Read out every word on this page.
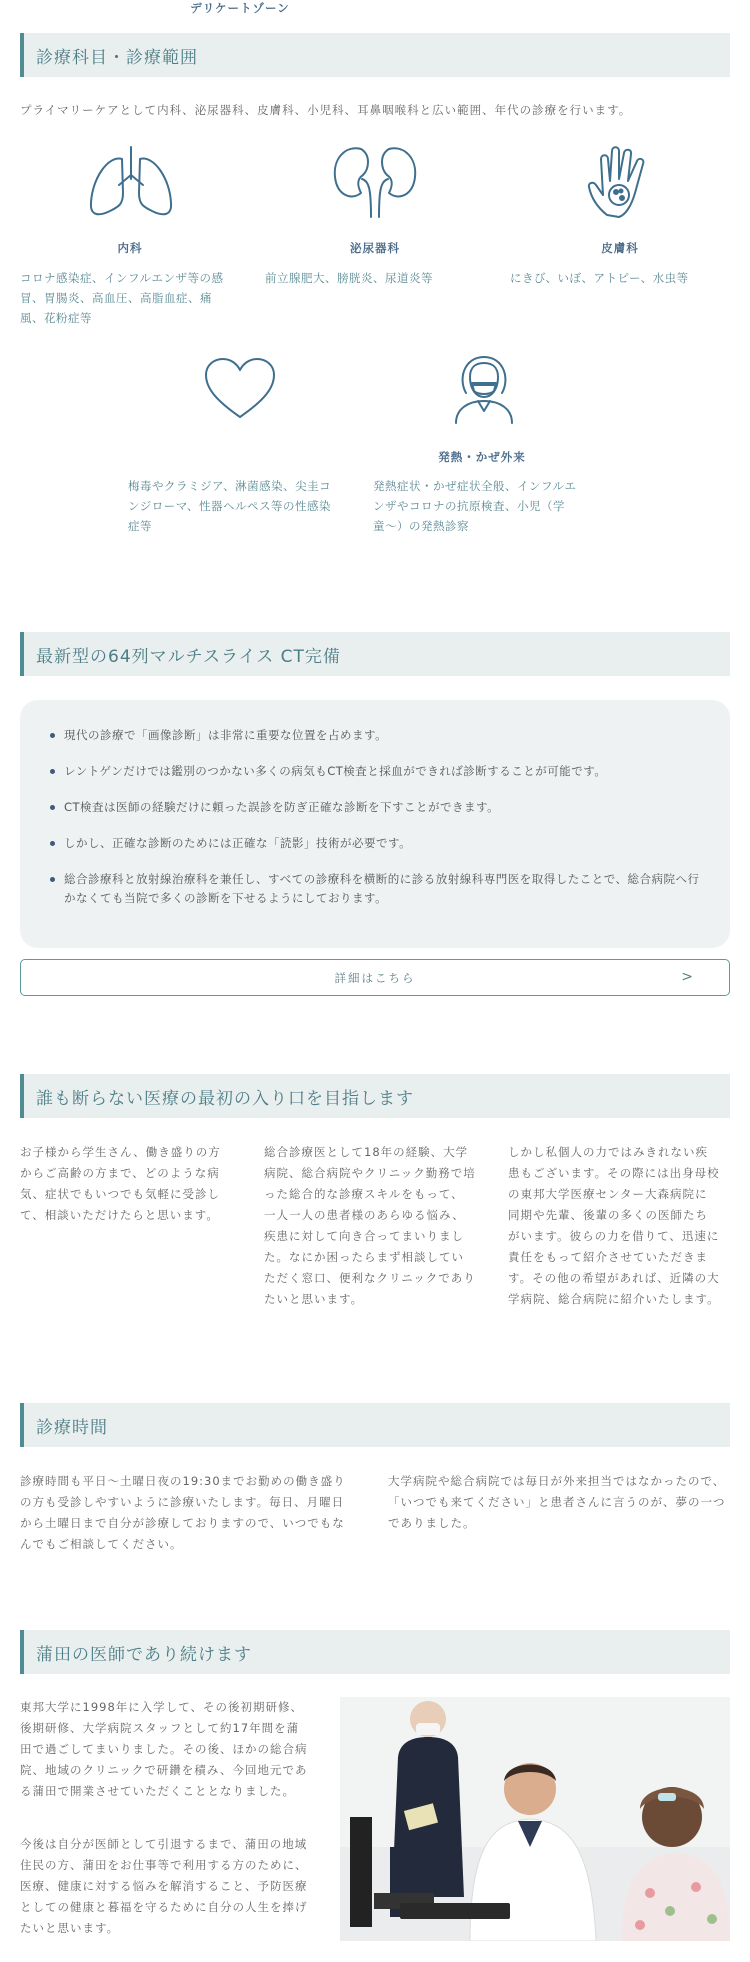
診療科目・診療範囲
プライマリーケアとして内科、泌尿器科、皮膚科、小児科、耳鼻咽喉科と広い範囲、年代の診療を行います。
内科
コロナ感染症、インフルエンザ等の感冒、胃腸炎、高血圧、高脂血症、痛風、花粉症等
泌尿器科
前立腺肥大、膀胱炎、尿道炎等
皮膚科
にきび、いぼ、アトピー、水虫等
デリケートゾーン
梅毒やクラミジア、淋菌感染、尖圭コンジローマ、性器ヘルペス等の性感染症等
発熱・かぜ外来
発熱症状・かぜ症状全般、インフルエンザやコロナの抗原検査、小児（学童〜）の発熱診察
最新型の64列マルチスライス CT完備
現代の診療で「画像診断」は非常に重要な位置を占めます。
レントゲンだけでは鑑別のつかない多くの病気もCT検査と採血ができれば診断することが可能です。
CT検査は医師の経験だけに頼った誤診を防ぎ正確な診断を下すことができます。
しかし、正確な診断のためには正確な「読影」技術が必要です。
総合診療科と放射線治療科を兼任し、すべての診療科を横断的に診る放射線科専門医を取得したことで、総合病院へ行かなくても当院で多くの診断を下せるようにしております。
詳細はこちら	>
誰も断らない医療の最初の入り口を目指します
お子様から学生さん、働き盛りの方からご高齢の方まで、どのような病気、症状でもいつでも気軽に受診して、相談いただけたらと思います。
総合診療医として18年の経験、大学病院、総合病院やクリニック勤務で培った総合的な診療スキルをもって、一人一人の患者様のあらゆる悩み、疾患に対して向き合ってまいりました。なにか困ったらまず相談していただく窓口、便利なクリニックでありたいと思います。
しかし私個人の力ではみきれない疾患もございます。その際には出身母校の東邦大学医療センター大森病院に同期や先輩、後輩の多くの医師たちがいます。彼らの力を借りて、迅速に責任をもって紹介させていただきます。その他の希望があれば、近隣の大学病院、総合病院に紹介いたします。
診療時間
診療時間も平日〜土曜日夜の19:30までお勤めの働き盛りの方も受診しやすいように診療いたします。毎日、月曜日から土曜日まで自分が診療しておりますので、いつでもなんでもご相談してください。
大学病院や総合病院では毎日が外来担当ではなかったので、「いつでも来てください」と患者さんに言うのが、夢の一つでありました。
蒲田の医師であり続けます
東邦大学に1998年に入学して、その後初期研修、後期研修、大学病院スタッフとして約17年間を蒲田で過ごしてまいりました。その後、ほかの総合病院、地域のクリニックで研鑽を積み、今回地元である蒲田で開業させていただくこととなりました。
今後は自分が医師として引退するまで、蒲田の地域住民の方、蒲田をお仕事等で利用する方のために、医療、健康に対する悩みを解消すること、予防医療としての健康と暮福を守るために自分の人生を捧げたいと思います。
